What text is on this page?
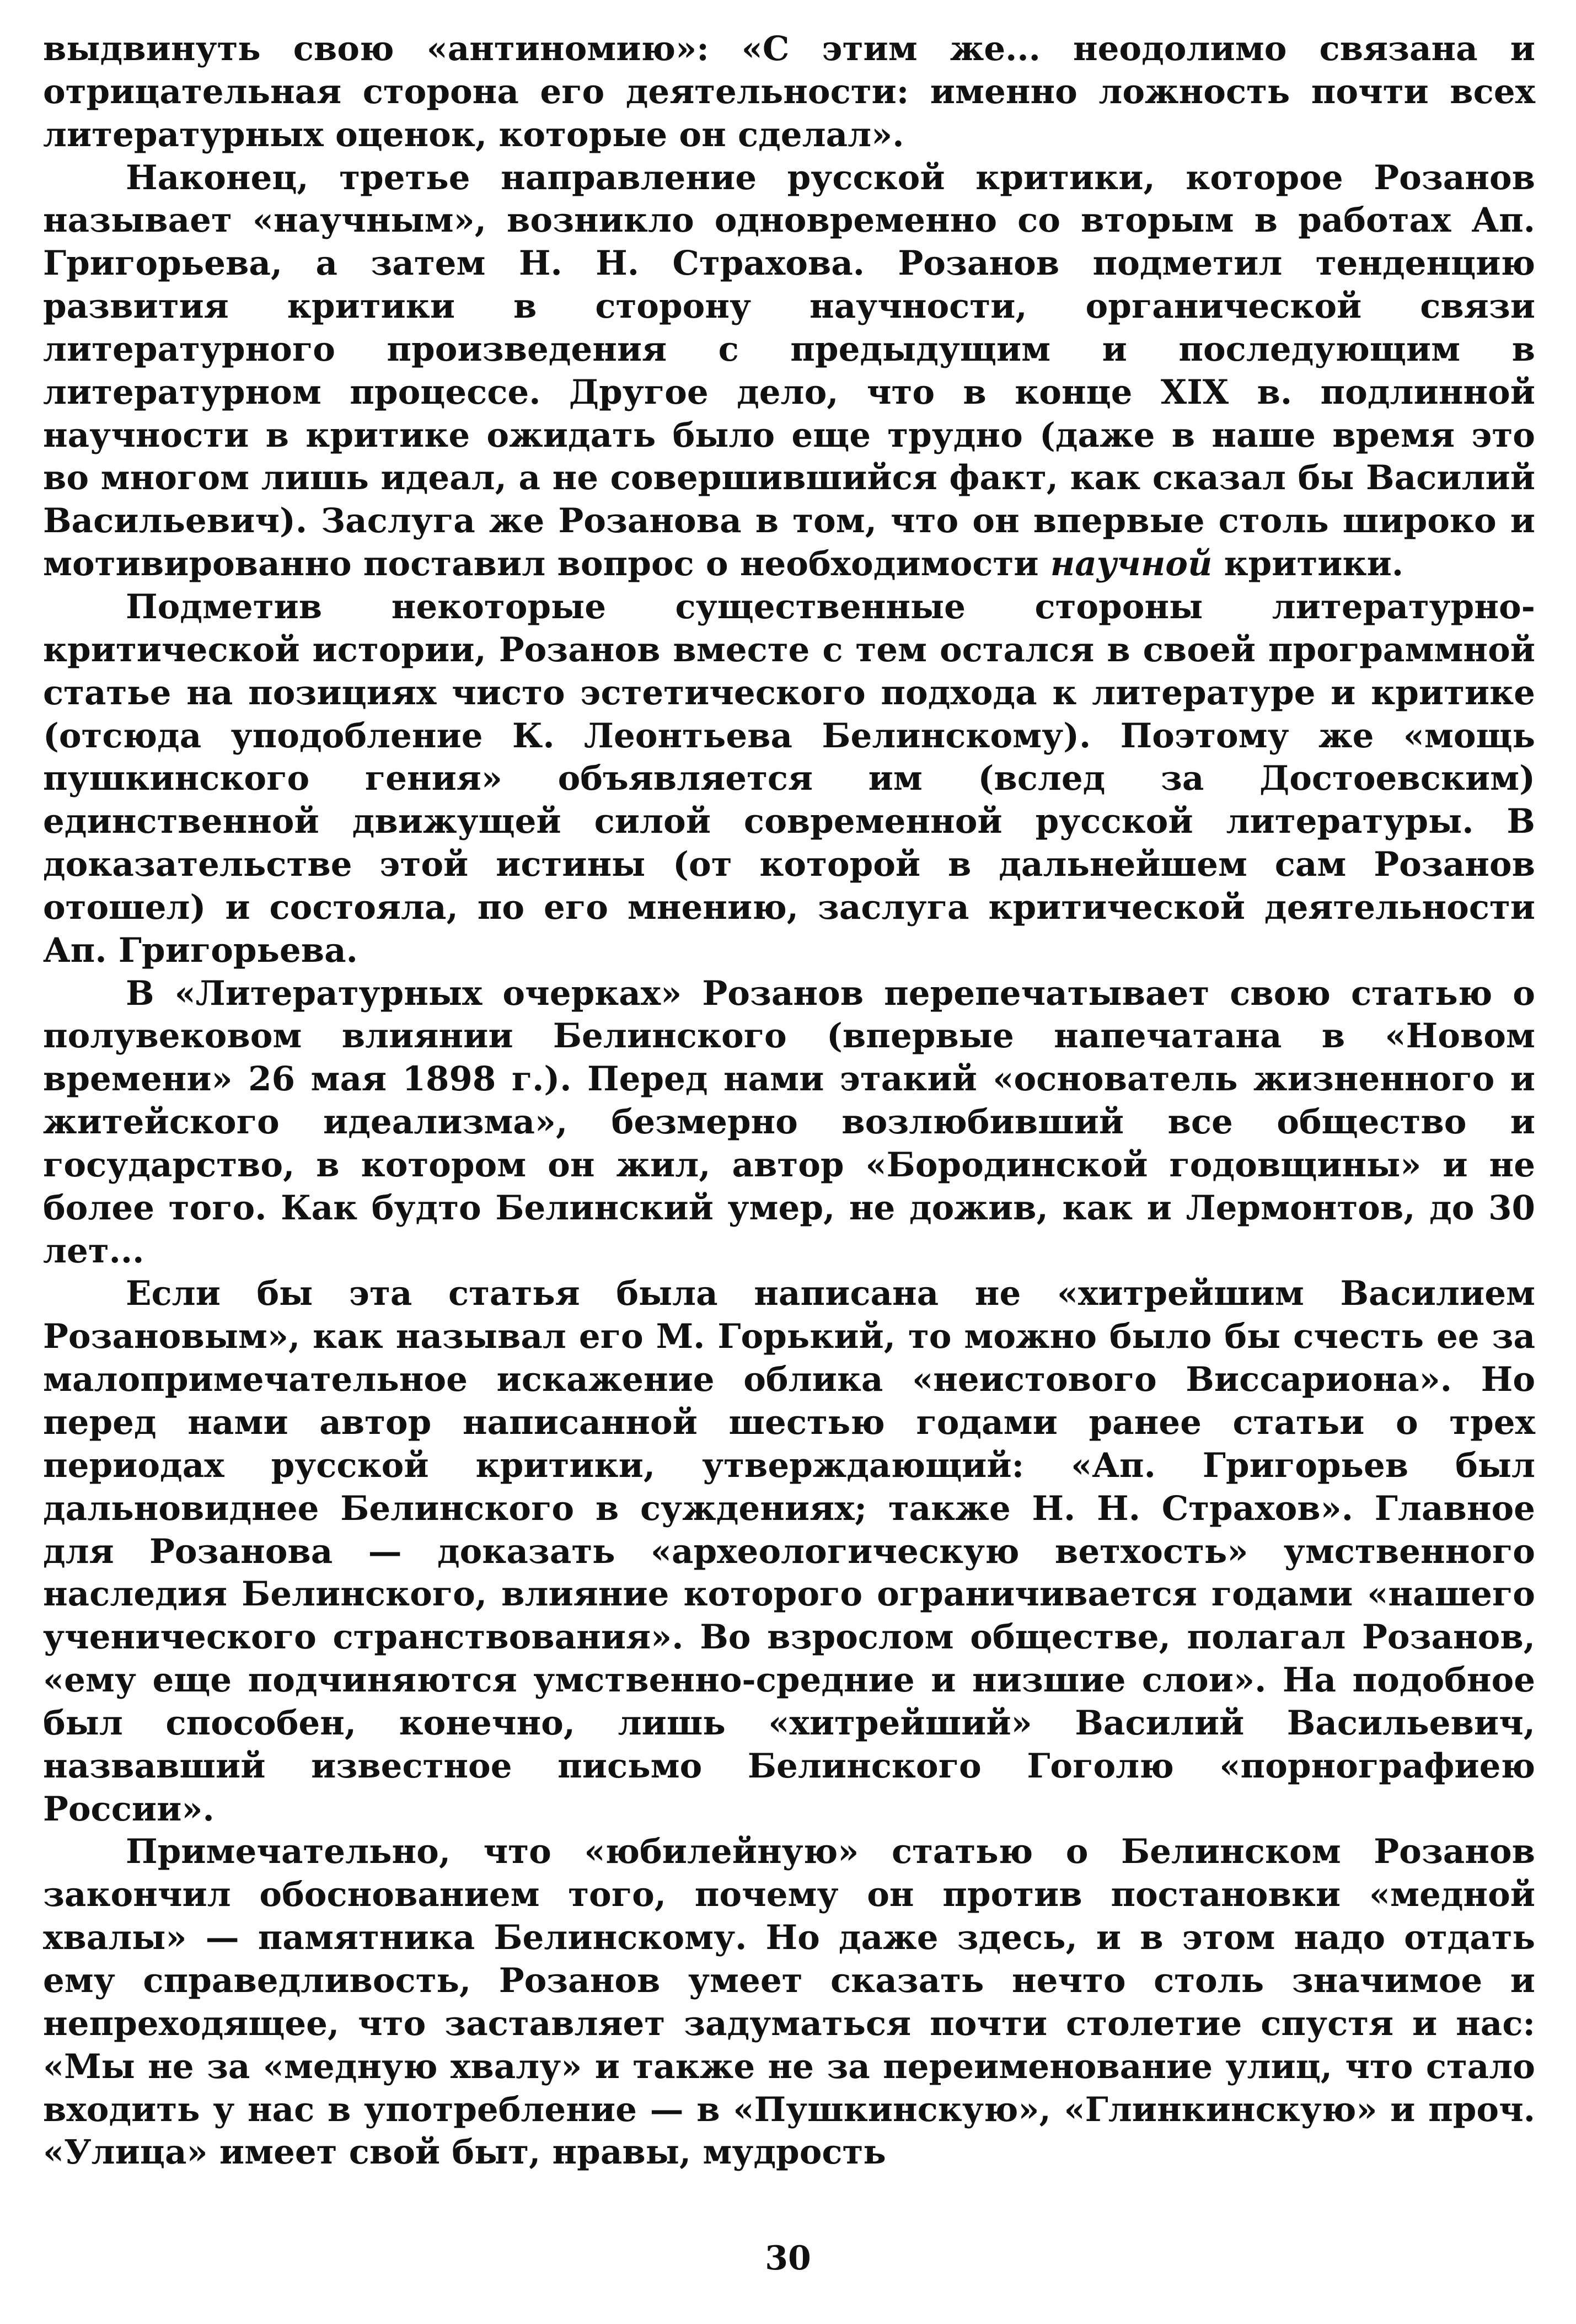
выдвинуть свою «антиномию»: «С этим же... неодолимо связана и отрицательная сторона его деятельности: именно ложность почти всех литературных оценок, которые он сделал».

Наконец, третье направление русской критики, которое Розанов называет «научным», возникло одновременно со вторым в работах Ап. Григорьева, а затем Н. Н. Страхова. Розанов подметил тенденцию развития критики в сторону научности, органической связи литературного произведения с предыдущим и последующим в литературном процессе. Другое дело, что в конце XIX в. подлинной научности в критике ожидать было еще трудно (даже в наше время это во многом лишь идеал, а не совершившийся факт, как сказал бы Василий Васильевич). Заслуга же Розанова в том, что он впервые столь широко и мотивированно поставил вопрос о необходимости научной критики.

Подметив некоторые существенные стороны литературно-критической истории, Розанов вместе с тем остался в своей программной статье на позициях чисто эстетического подхода к литературе и критике (отсюда уподобление К. Леонтьева Белинскому). Поэтому же «мощь пушкинского гения» объявляется им (вслед за Достоевским) единственной движущей силой современной русской литературы. В доказательстве этой истины (от которой в дальнейшем сам Розанов отошел) и состояла, по его мнению, заслуга критической деятельности Ап. Григорьева.

В «Литературных очерках» Розанов перепечатывает свою статью о полувековом влиянии Белинского (впервые напечатана в «Новом времени» 26 мая 1898 г.). Перед нами этакий «основатель жизненного и житейского идеализма», безмерно возлюбивший все общество и государство, в котором он жил, автор «Бородинской годовщины» и не более того. Как будто Белинский умер, не дожив, как и Лермонтов, до 30 лет...

Если бы эта статья была написана не «хитрейшим Василием Розановым», как называл его М. Горький, то можно было бы счесть ее за малопримечательное искажение облика «неистового Виссариона». Но перед нами автор написанной шестью годами ранее статьи о трех периодах русской критики, утверждающий: «Ап. Григорьев был дальновиднее Белинского в суждениях; также Н. Н. Страхов». Главное для Розанова — доказать «археологическую ветхость» умственного наследия Белинского, влияние которого ограничивается годами «нашего ученического странствования». Во взрослом обществе, полагал Розанов, «ему еще подчиняются умственно-средние и низшие слои». На подобное был способен, конечно, лишь «хитрейший» Василий Васильевич, назвавший известное письмо Белинского Гоголю «порнографиею России».

Примечательно, что «юбилейную» статью о Белинском Розанов закончил обоснованием того, почему он против постановки «медной хвалы» — памятника Белинскому. Но даже здесь, и в этом надо отдать ему справедливость, Розанов умеет сказать нечто столь значимое и непреходящее, что заставляет задуматься почти столетие спустя и нас: «Мы не за «медную хвалу» и также не за переименование улиц, что стало входить у нас в употребление — в «Пушкинскую», «Глинкинскую» и проч. «Улица» имеет свой быт, нравы, мудрость

30
